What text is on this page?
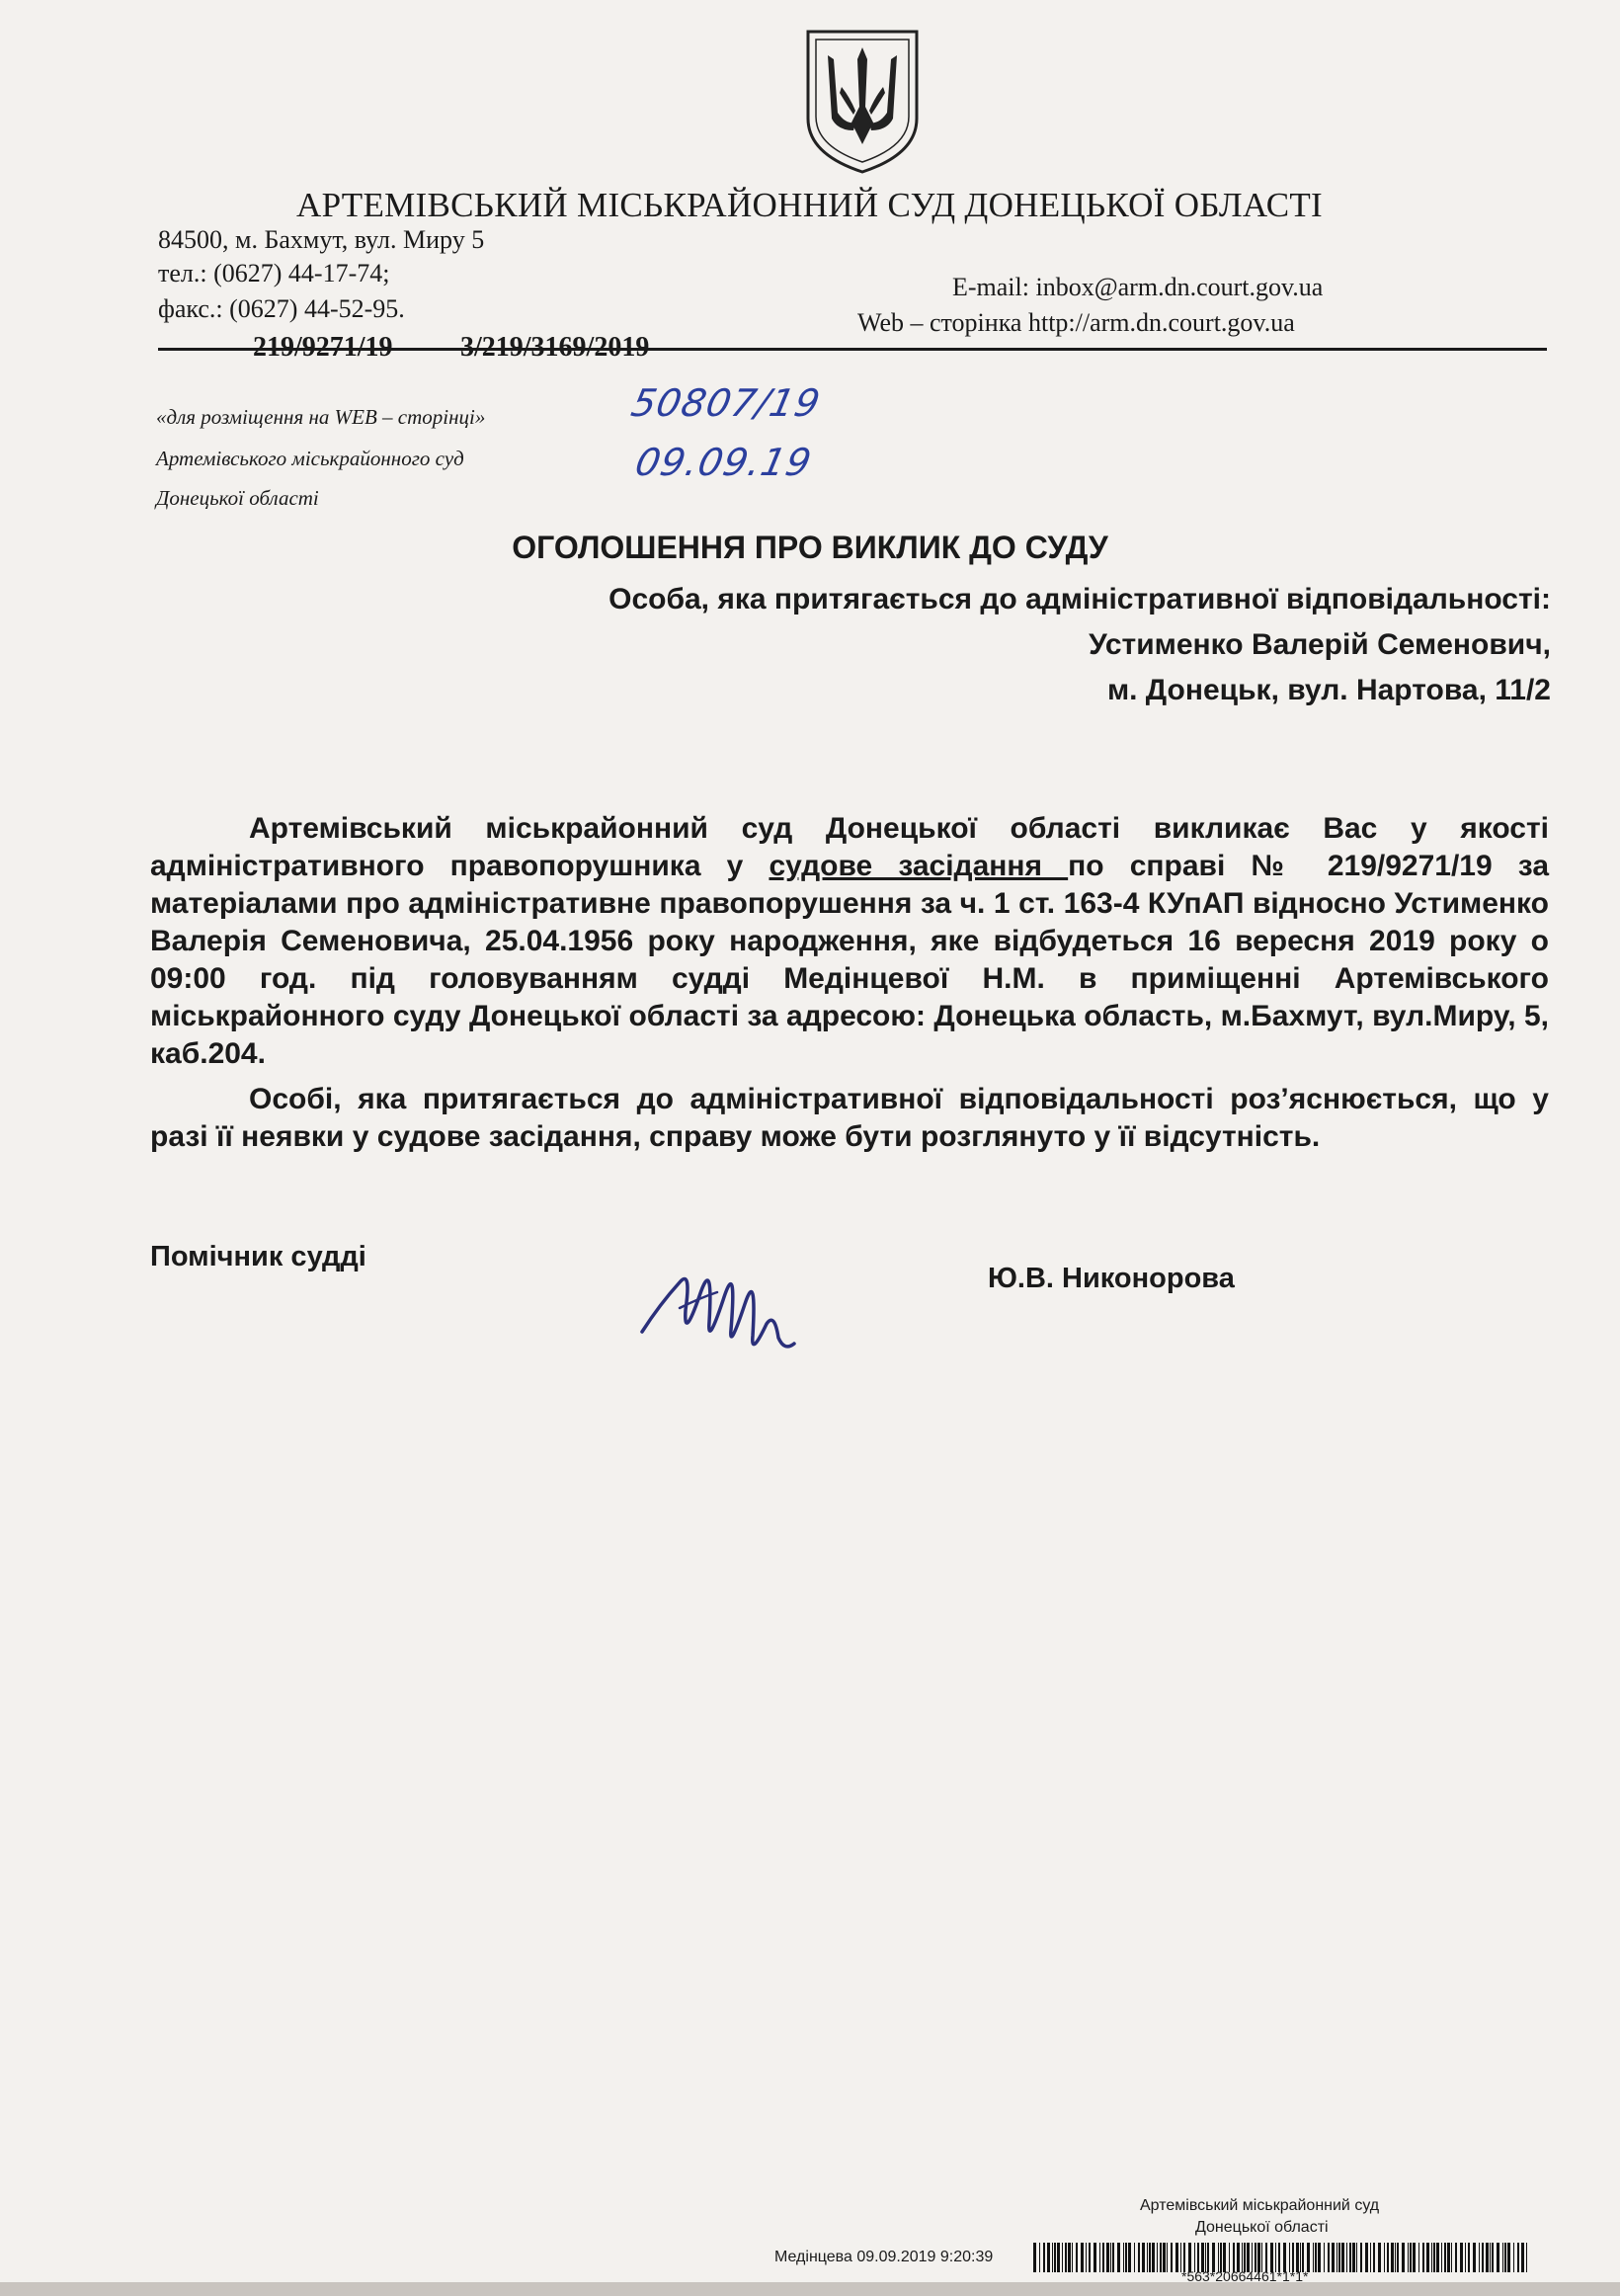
АРТЕМІВСЬКИЙ МІСЬКРАЙОННИЙ СУД ДОНЕЦЬКОЇ ОБЛАСТІ
84500, м. Бахмут, вул. Миру 5
тел.: (0627) 44-17-74;
факс.: (0627) 44-52-95.
E-mail: inbox@arm.dn.court.gov.ua
Web – сторінка http://arm.dn.court.gov.ua
219/9271/19 3/219/3169/2019
«для розміщення на WEB – сторінці»
Артемівського міськрайонного суд
Донецької області
50807/19
09.09.19
ОГОЛОШЕННЯ ПРО ВИКЛИК ДО СУДУ
Особа, яка притягається до адміністративної відповідальності:
Устименко Валерій Семенович,
м. Донецьк, вул. Нартова, 11/2

Артемівський міськрайонний суд Донецької області викликає Вас у якості адміністративного правопорушника у судове засідання по справі № 219/9271/19 за матеріалами про адміністративне правопорушення за ч. 1 ст. 163-4 КУпАП відносно Устименко Валерія Семеновича, 25.04.1956 року народження, яке відбудеться 16 вересня 2019 року о 09:00 год. під головуванням судді Медінцевої Н.М. в приміщенні Артемівського міськрайонного суду Донецької області за адресою: Донецька область, м.Бахмут, вул.Миру, 5, каб.204.

Особі, яка притягається до адміністративної відповідальності роз’яснюється, що у разі її неявки у судове засідання, справу може бути розглянуто у її відсутність.

Помічник судді
Ю.В. Никонорова
Артемівський міськрайонний суд
Донецької області
Медінцева 09.09.2019 9:20:39
*563*20664461*1*1*
